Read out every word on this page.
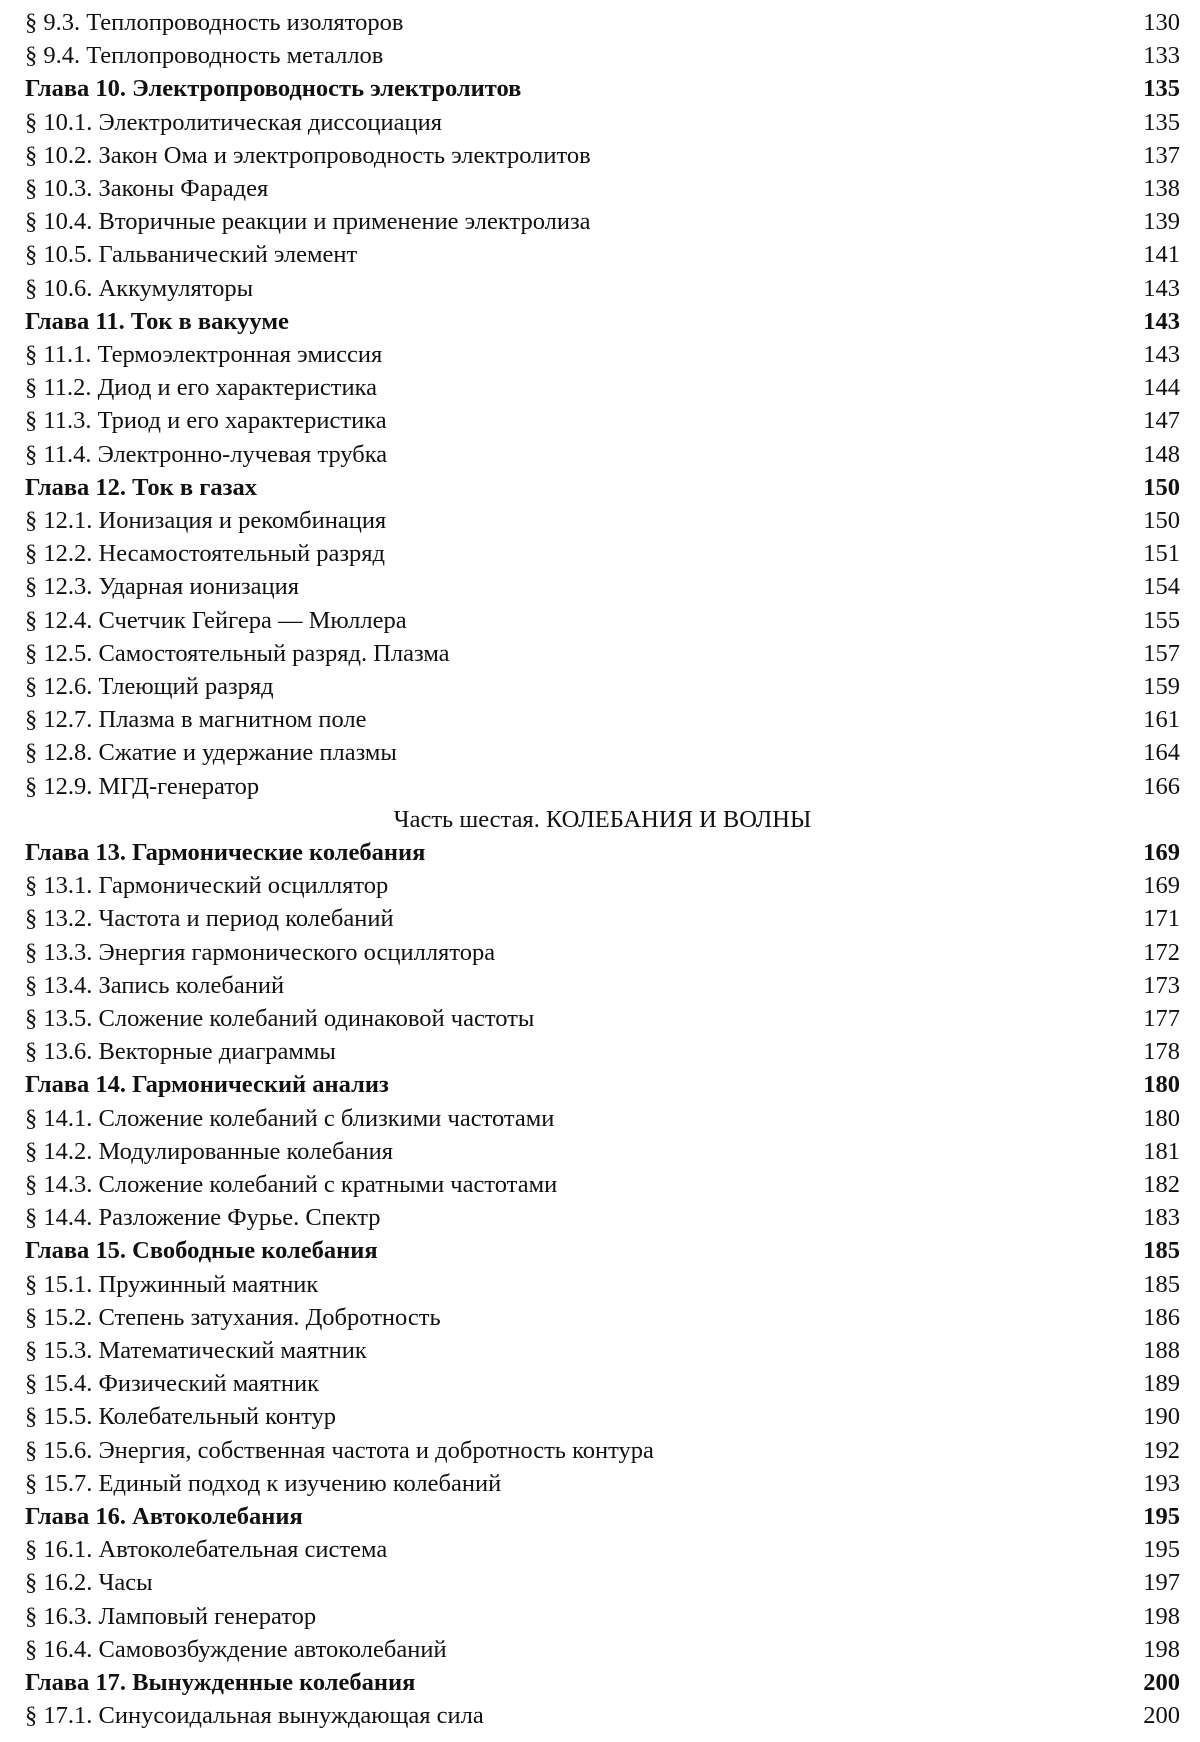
§ 9.3. Теплопроводность изоляторов	130
§ 9.4. Теплопроводность металлов	133
Глава 10. Электропроводность электролитов	135
§ 10.1. Электролитическая диссоциация	135
§ 10.2. Закон Ома и электропроводность электролитов	137
§ 10.3. Законы Фарадея	138
§ 10.4. Вторичные реакции и применение электролиза	139
§ 10.5. Гальванический элемент	141
§ 10.6. Аккумуляторы	143
Глава 11. Ток в вакууме	143
§ 11.1. Термоэлектронная эмиссия	143
§ 11.2. Диод и его характеристика	144
§ 11.3. Триод и его характеристика	147
§ 11.4. Электронно-лучевая трубка	148
Глава 12. Ток в газах	150
§ 12.1. Ионизация и рекомбинация	150
§ 12.2. Несамостоятельный разряд	151
§ 12.3. Ударная ионизация	154
§ 12.4. Счетчик Гейгера — Мюллера	155
§ 12.5. Самостоятельный разряд. Плазма	157
§ 12.6. Тлеющий разряд	159
§ 12.7. Плазма в магнитном поле	161
§ 12.8. Сжатие и удержание плазмы	164
§ 12.9. МГД-генератор	166
Часть шестая. КОЛЕБАНИЯ И ВОЛНЫ
Глава 13. Гармонические колебания	169
§ 13.1. Гармонический осциллятор	169
§ 13.2. Частота и период колебаний	171
§ 13.3. Энергия гармонического осциллятора	172
§ 13.4. Запись колебаний	173
§ 13.5. Сложение колебаний одинаковой частоты	177
§ 13.6. Векторные диаграммы	178
Глава 14. Гармонический анализ	180
§ 14.1. Сложение колебаний с близкими частотами	180
§ 14.2. Модулированные колебания	181
§ 14.3. Сложение колебаний с кратными частотами	182
§ 14.4. Разложение Фурье. Спектр	183
Глава 15. Свободные колебания	185
§ 15.1. Пружинный маятник	185
§ 15.2. Степень затухания. Добротность	186
§ 15.3. Математический маятник	188
§ 15.4. Физический маятник	189
§ 15.5. Колебательный контур	190
§ 15.6. Энергия, собственная частота и добротность контура	192
§ 15.7. Единый подход к изучению колебаний	193
Глава 16. Автоколебания	195
§ 16.1. Автоколебательная система	195
§ 16.2. Часы	197
§ 16.3. Ламповый генератор	198
§ 16.4. Самовозбуждение автоколебаний	198
Глава 17. Вынужденные колебания	200
§ 17.1. Синусоидальная вынуждающая сила	200
